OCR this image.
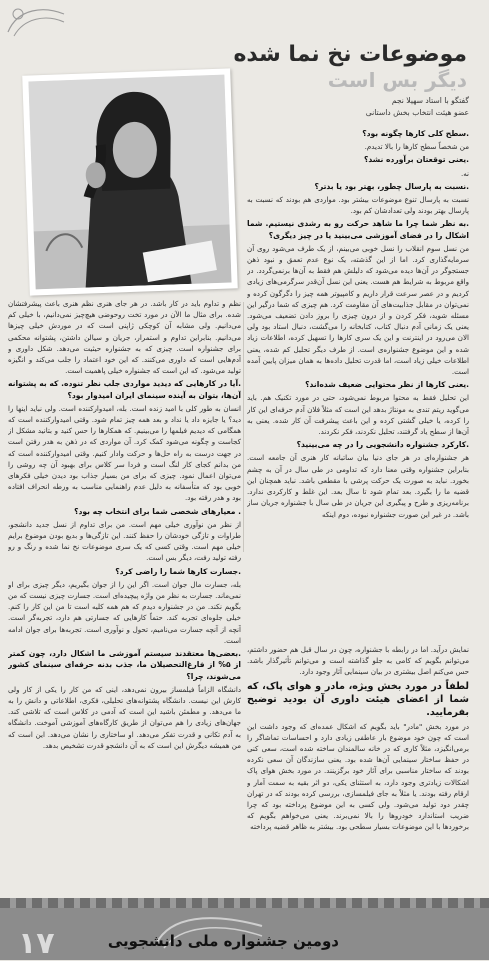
موضوعات نخ نما شده
دیگر بس است
گفتگو با استاد سهیلا نجم
عضو هیئت انتخاب بخش داستانی

.سطح کلی کارها چگونه بود؟

من شخصاً سطح کارها را بالا تدیدم.

.یعنی توقعتان برآورده نشد؟

نه.

.نسبت به پارسال چطور، بهتر بود یا بدتر؟

نسبت به پارسال تنوع موضوعات بیشتر بود. مواردی هم بودند که نسبت به پارسال بهتر بودند ولی تعدادشان کم بود.

.به نظر شما چرا ما شاهد حرکت رو به رشدی نیستیم. شما اشکال را در فضای آموزشی می‌بینید یا در چیز دیگری؟

من نسل سوم انقلاب را نسل خوبی می‌بینم، از یک طرف می‌شود روی آن سرمایه‌گذاری کرد. اما از این گذشته، یک نوع عدم تعمق و نبود ذهن جستجوگر در آن‌ها دیده می‌شود که دلیلش هم فقط به آن‌ها برنمی‌گردد. در واقع مربوط به شرایط هم هست. یعنی این نسل آن‌قدر سرگرمی‌های زیادی کردیم و در عصر سرعت قرار داریم و کامپیوتر همه چیز را دگرگون کرده و نمی‌توان در مقابل جذابیت‌های آن مقاومت کرد. هم چیزی که شما درگیر این مسئله شوید، فکر کردن و از درون چیزی را بروز دادن تضعیف می‌شود. یعنی یک زمانی آدم دنبال کتاب، کتابخانه را می‌گشت، دنبال استاد بود ولی الان می‌رود در اینترنت و این یک سری کارها را تسهیل کرده، اطلاعات زیاد شده و این موضوع جشنواره‌ی است. از طرف دیگر تحلیل کم شده، یعنی اطلاعات خیلی زیاد است، اما قدرت تحلیل داده‌ها به همان میزان پایین آمده است.

.یعنی کارها از نظر محتوایی ضعیف شده‌اند؟

این تحلیل فقط به محتوا مربوط نمی‌شود، حتی در مورد تکنیک هم. باید می‌گوید ریتم تندی به مونتاژ بدهد این است که مثلاً فلان آدم حرفه‌ای این کار را کرده، یا خیلی گشتی کرده و این باعث پیشرفت آن کار شده. یعنی به آن‌ها از سطح یاد گرفتند، تحلیل نکردند، فکر نکردند.

.کارکرد جشنواره دانشجویی را در چه می‌بینید؟

هر جشنواره‌ای در هر جای دنیا بیان ساتبانه کار هنری آن جامعه است. بنابراین جشنواره وقتی معنا دارد که تداومی در طی سال در آن به چشم بخورد. نباید به صورت یک حرکت پرشی با مقطعی باشد. نباید همچنان این قضیه ما را بگیرد. بعد تمام شود تا سال بعد. این غلط و کارکردی ندارد. برنامه‌ریزی و طرح و پیگیری این جریان در طی سال با جشنواره جریان ساز باشد. در غیر این صورت جشنواره نبوده، دوم اینکه

نظم و تداوم باید در کار باشد. در هر جای هنری نظم هنری باعث پیشرفتشان شده. برای مثال ما الآن در مورد تخت روحوضی هیچ‌چیز نمی‌دانیم، با خیلی کم می‌دانیم. ولی مشابه آن کوچکی ژاپنی است که در موردش خیلی چیزها می‌دانیم. بنابراین تداوم و استمرار، جریان و سیالن داشتن، پشتوانه محکمی برای جشنواره است. چیزی که به جشنواره حیثیت می‌دهد. شکل داوری و آدم‌هایی است که داوری می‌کنند. که این خود اعتماد را جلب می‌کند و انگیزه تولید می‌شود. که این است که جشنواره خیلی پاهمیت است.

.آیا در کارهایی که دیدید مواردی جلب نظر تنوده. که به پشتوانه آن‌ها، بتوان به آینده سینمای ایران امیدوار بود؟

انسان به طور کلی با امید زنده است. بله، امیدوارکننده است. ولی نباید اینها را دید؟ یا جایزه داد یا نداد و بعد همه چیز تمام شود. وقتی امیدوارکننده است که همگامی که دیدیم فیلمها را می‌بینیم. که همکارها را حس کنید و بتانید مشکل از کجاست و چگونه می‌شود کمک کرد. آن مواردی که در ذهن به هدر رفتن است در جهت درست به راه حل‌ها و حرکت وادار کنیم. وقتی امیدوارکننده است که من بدانم کجای کار لنگ است و فردا سر کلاس برای بهبود آن چه روشی را می‌توان اعمال نمود. چیزی که برای من بسیار جذاب بود دیدن خیلی فکرهای خوبی بود که متأسفانه به دلیل عدم راهنمایی مناسب به ورطه انحراف افتاده بود و هدر رفته بود.

. معیارهای شخصی شما برای انتخاب چه بود؟

از نظر من نوآوری خیلی مهم است. من برای تداوم از نسل جدید دانشجو، طراوات و تازگی خودشان را حفظ کنند. این تازگی‌ها و بدیع بودن موضوع برایم خیلی مهم است. وقتی کسی که یک سری موضوعات نخ نما شده و رنگ و رو رفته تولید رفت، دیگر بس است.

.جسارت کارها شما را راضی کرد؟

بله، جسارت مال جوان است. اگر این را از جوان بگیریم، دیگر چیزی برای او نمی‌ماند. جسارت به نظر من واژه پیچیده‌ای است. جسارت چیزی نیست که من بگویم نکند. من در جشنواره دیدم که هم همه کلیه است تا من این کار را کنم. خیلی جلوه‌ای تجربه کند. حتماً کارهایی که جسارتی هم دارد، تجربه‌گر است. آنچه از آنچه جسارت می‌نامیم، تحول و نوآوری است. تجربه‌ها برای جوان ادامه است.

.بعضی‌ها معتقدند سیستم آموزشی ما اشکال دارد، چون کمتر از ۵% از فارغ‌التحصیلان ما، جذب بدنه حرفه‌ای سینمای کشور می‌شوند، چرا؟

دانشگاه الزاماً فیلمساز بیرون نمی‌دهد، اینی که من کار را یکی از کار ولی کارش این نیست. دانشگاه پشتوانه‌های تحلیلی، فکری، اطلاعاتی و دانش را به ما می‌دهد. و مطمئن باشید این است که آدمی در کلاس است که تلاشی کند. جهان‌های زیادی را هم می‌توان از طریق کارگاه‌های آموزشی آموخت. دانشگاه به آدم تکانی و قدرت تفکر می‌دهد. او ساختاری را نشان می‌دهد. این است که من همیشه دیگرش این است که به آن دانشجو قدرت تشخیص بدهد.

نمایش درآید. اما در رابطه با جشنواره، چون در سال قبل هم حضور داشتم، می‌توانم بگویم که کامی به جلو گذاشته است و می‌توانم تأثیرگذار باشد. حس می‌کنم اصل بیشتری در بیان سینمایی آثار وجود دارد.

لطفاً در مورد بخش ویژه، مادر و هوای پاک، که شما از اعضای هیئت داوری آن بودید توضیح بفرمایید.

در مورد بخش "مادر" باید بگویم که اشکال عمده‌ای که وجود داشت این است که چون خود موضوع بار عاطفی زیادی دارد و احساسات تماشاگر را برمی‌انگیزد، مثلاً کاری که در خانه سالمندان ساخته شده است، سعی کنی در حفظ ساختار سینمایی آن‌ها شده بود. یعنی سازندگان آن سعی نکرده بودند که ساختار مناسبی برای آثار خود برگزینند. در مورد بخش هوای پاک اشکالات زیادتری وجود دارد، به استثنای یکی، دو اثر بقیه به سمت آمار و ارقام رفته بودند. یا مثلاً به جای فیلمسازی، بررسی کرده بودند که در تهران چقدر دود تولید می‌شود. ولی کسی به این موضوع پرداخته بود که چرا ضریب استاندارد خودروها را بالا نمی‌برند. یعنی می‌خواهم بگویم که برخوردها با این موضوعات بسیار سطحی بود. بیشتر به ظاهر قضیه پرداخته

۱۷	دومین جشنواره ملی دانشجویی
